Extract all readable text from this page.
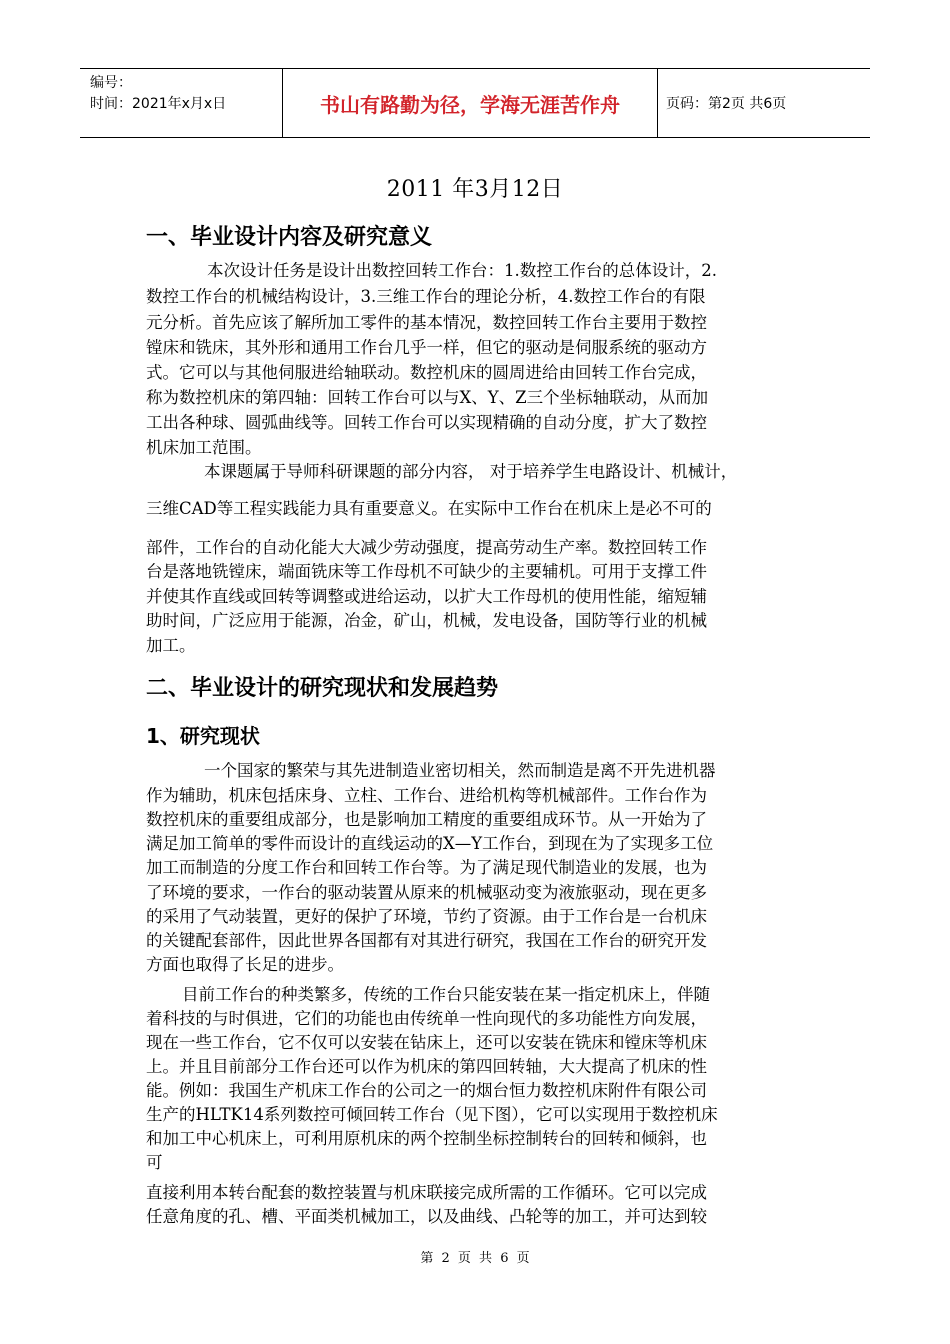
编号：
时间：2021年x月x日	书山有路勤为径，学海无涯苦作舟	页码：第2页 共6页
2011 年3月12日
一、毕业设计内容及研究意义
本次设计任务是设计出数控回转工作台：1.数控工作台的总体设计，2.
数控工作台的机械结构设计，3.三维工作台的理论分析，4.数控工作台的有限
元分析。首先应该了解所加工零件的基本情况，数控回转工作台主要用于数控
镗床和铣床，其外形和通用工作台几乎一样，但它的驱动是伺服系统的驱动方
式。它可以与其他伺服进给轴联动。数控机床的圆周进给由回转工作台完成，
称为数控机床的第四轴：回转工作台可以与X、Y、Z三个坐标轴联动，从而加
工出各种球、圆弧曲线等。回转工作台可以实现精确的自动分度，扩大了数控
机床加工范围。
本课题属于导师科研课题的部分内容， 对于培养学生电路设计、机械计，
三维CAD等工程实践能力具有重要意义。在实际中工作台在机床上是必不可的
部件，工作台的自动化能大大减少劳动强度，提高劳动生产率。数控回转工作
台是落地铣镗床，端面铣床等工作母机不可缺少的主要辅机。可用于支撑工件
并使其作直线或回转等调整或进给运动，以扩大工作母机的使用性能，缩短辅
助时间，广泛应用于能源，冶金，矿山，机械，发电设备，国防等行业的机械
加工。
二、毕业设计的研究现状和发展趋势
1、研究现状
一个国家的繁荣与其先进制造业密切相关，然而制造是离不开先进机器
作为辅助，机床包括床身、立柱、工作台、进给机构等机械部件。工作台作为
数控机床的重要组成部分，也是影响加工精度的重要组成环节。从一开始为了
满足加工简单的零件而设计的直线运动的X—Y工作台，到现在为了实现多工位
加工而制造的分度工作台和回转工作台等。为了满足现代制造业的发展，也为
了环境的要求，一作台的驱动装置从原来的机械驱动变为液旅驱动，现在更多
的采用了气动装置，更好的保护了环境，节约了资源。由于工作台是一台机床
的关键配套部件，因此世界各国都有对其进行研究，我国在工作台的研究开发
方面也取得了长足的进步。
目前工作台的种类繁多，传统的工作台只能安装在某一指定机床上，伴随
着科技的与时俱进，它们的功能也由传统单一性向现代的多功能性方向发展，
现在一些工作台，它不仅可以安装在钻床上，还可以安装在铣床和镗床等机床
上。并且目前部分工作台还可以作为机床的第四回转轴，大大提高了机床的性
能。例如：我国生产机床工作台的公司之一的烟台恒力数控机床附件有限公司
生产的HLTK14系列数控可倾回转工作台（见下图），它可以实现用于数控机床
和加工中心机床上，可利用原机床的两个控制坐标控制转台的回转和倾斜，也
可
直接利用本转台配套的数控装置与机床联接完成所需的工作循环。它可以完成
任意角度的孔、槽、平面类机械加工，以及曲线、凸轮等的加工，并可达到较
第 2 页 共 6 页
